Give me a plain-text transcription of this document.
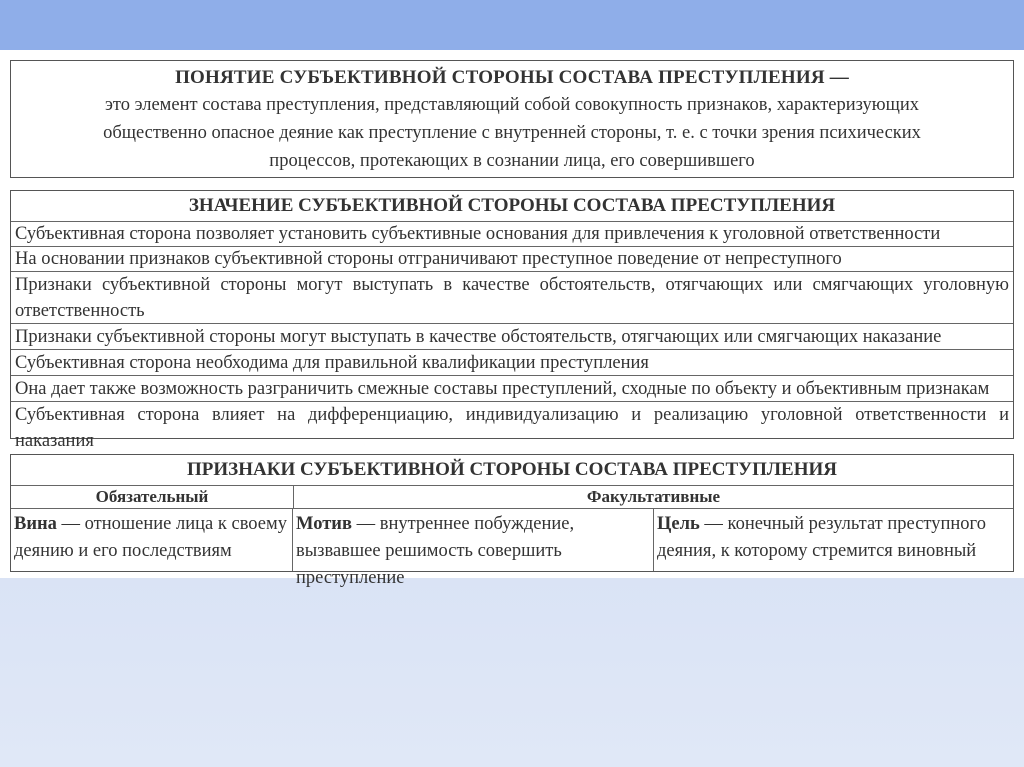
ПОНЯТИЕ СУБЪЕКТИВНОЙ СТОРОНЫ СОСТАВА ПРЕСТУПЛЕНИЯ —
это элемент состава преступления, представляющий собой совокупность признаков, характеризующих
общественно опасное деяние как преступление с внутренней стороны, т. е. с точки зрения психических
процессов, протекающих в сознании лица, его совершившего
ЗНАЧЕНИЕ СУБЪЕКТИВНОЙ СТОРОНЫ СОСТАВА ПРЕСТУПЛЕНИЯ
Субъективная сторона позволяет установить субъективные основания для привлечения к уголовной ответственности
На основании признаков субъективной стороны отграничивают преступное поведение от непреступного
Признаки субъективной стороны могут выступать в качестве обстоятельств, отягчающих или смягчающих уголовную
ответственность
Признаки субъективной стороны могут выступать в качестве обстоятельств, отягчающих или смягчающих наказание
Субъективная сторона необходима для правильной квалификации преступления
Она дает также возможность разграничить смежные составы преступлений, сходные по объекту и объективным признакам
Субъективная сторона влияет на дифференциацию, индивидуализацию и реализацию уголовной ответственности и наказания
ПРИЗНАКИ СУБЪЕКТИВНОЙ СТОРОНЫ СОСТАВА ПРЕСТУПЛЕНИЯ
Обязательный	Факультативные
Вина — отношение лица к своему деянию и его последствиям
Мотив — внутреннее побуждение, вызвавшее решимость совершить преступление
Цель — конечный результат преступного деяния, к которому стремится виновный
